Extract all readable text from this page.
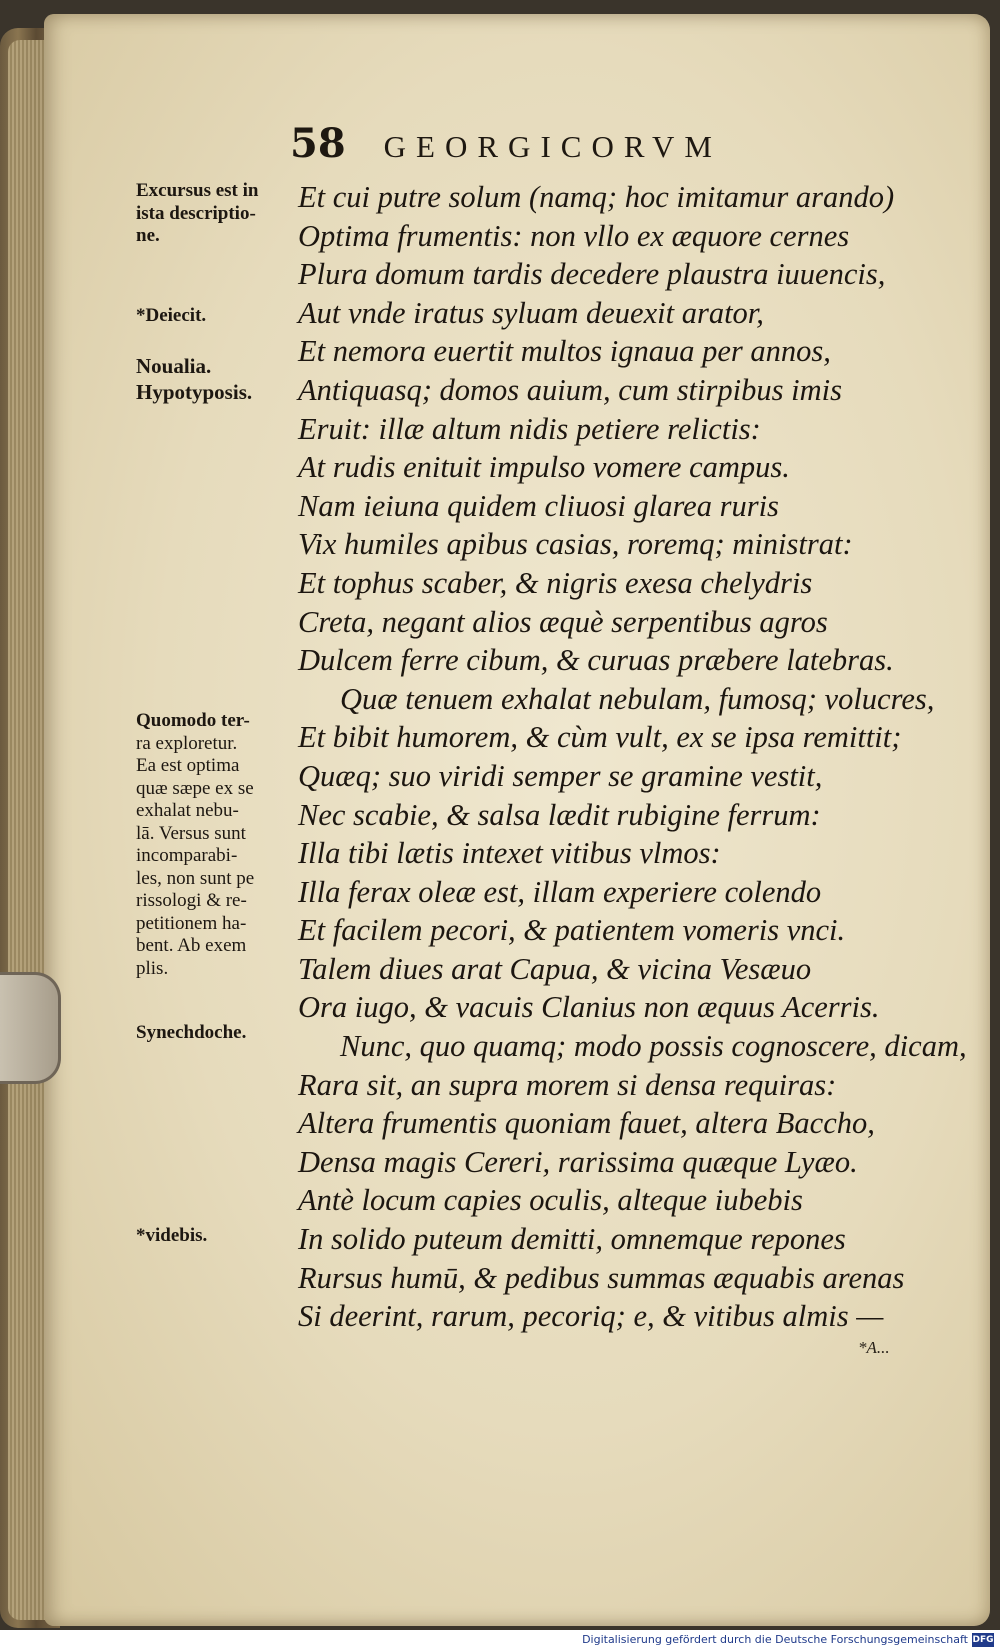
58 GEORGICORVM
Et cui putre solum (namq; hoc imitamur arando)
Optima frumentis: non vllo ex æquore cernes
Plura domum tardis decedere plaustra iuuencis,
Aut vnde iratus syluam deuexit arator,
Et nemora euertit multos ignaua per annos,
Antiquasq; domos auium, cum stirpibus imis
Eruit: illæ altum nidis petiere relictis:
At rudis enituit impulso vomere campus.
Nam ieiuna quidem cliuosi glarea ruris
Vix humiles apibus casias, roremq; ministrat:
Et tophus scaber, & nigris exesa chelydris
Creta, negant alios æquè serpentibus agros
Dulcem ferre cibum, & curuas præbere latebras.
Quæ tenuem exhalat nebulam, fumosq; volucres,
Et bibit humorem, & cùm vult, ex se ipsa remittit;
Quæq; suo viridi semper se gramine vestit,
Nec scabie, & salsa lædit rubigine ferrum:
Illa tibi lætis intexet vitibus vlmos:
Illa ferax oleæ est, illam experiere colendo
Et facilem pecori, & patientem vomeris vnci.
Talem diues arat Capua, & vicina Vesæuo
Ora iugo, & vacuis Clanius non æquus Acerris.
Nunc, quo quamq; modo possis cognoscere, dicam,
Rara sit, an supra morem si densa requiras:
Altera frumentis quoniam fauet, altera Baccho,
Densa magis Cereri, rarissima quæque Lyæo.
Antè locum capies oculis, alteque iubebis
In solido puteum demitti, omnemque repones
Rursus humū, & pedibus summas æquabis arenas
Si deerint, rarum, pecoriq; e, & vitibus almis —
Excursus est in
ista descriptio-
ne.
*Deiecit.
Noualia.
Hypotyposis.
Quomodo ter-
ra exploretur.
Ea est optima
quæ sæpe ex se
exhalat nebu-
lā. Versus sunt
incomparabi-
les, non sunt pe
rissologi & re-
petitionem ha-
bent. Ab exem
plis.
Synechdoche.
*videbis.
*A...
Digitalisierung gefördert durch die Deutsche Forschungsgemeinschaft DFG
